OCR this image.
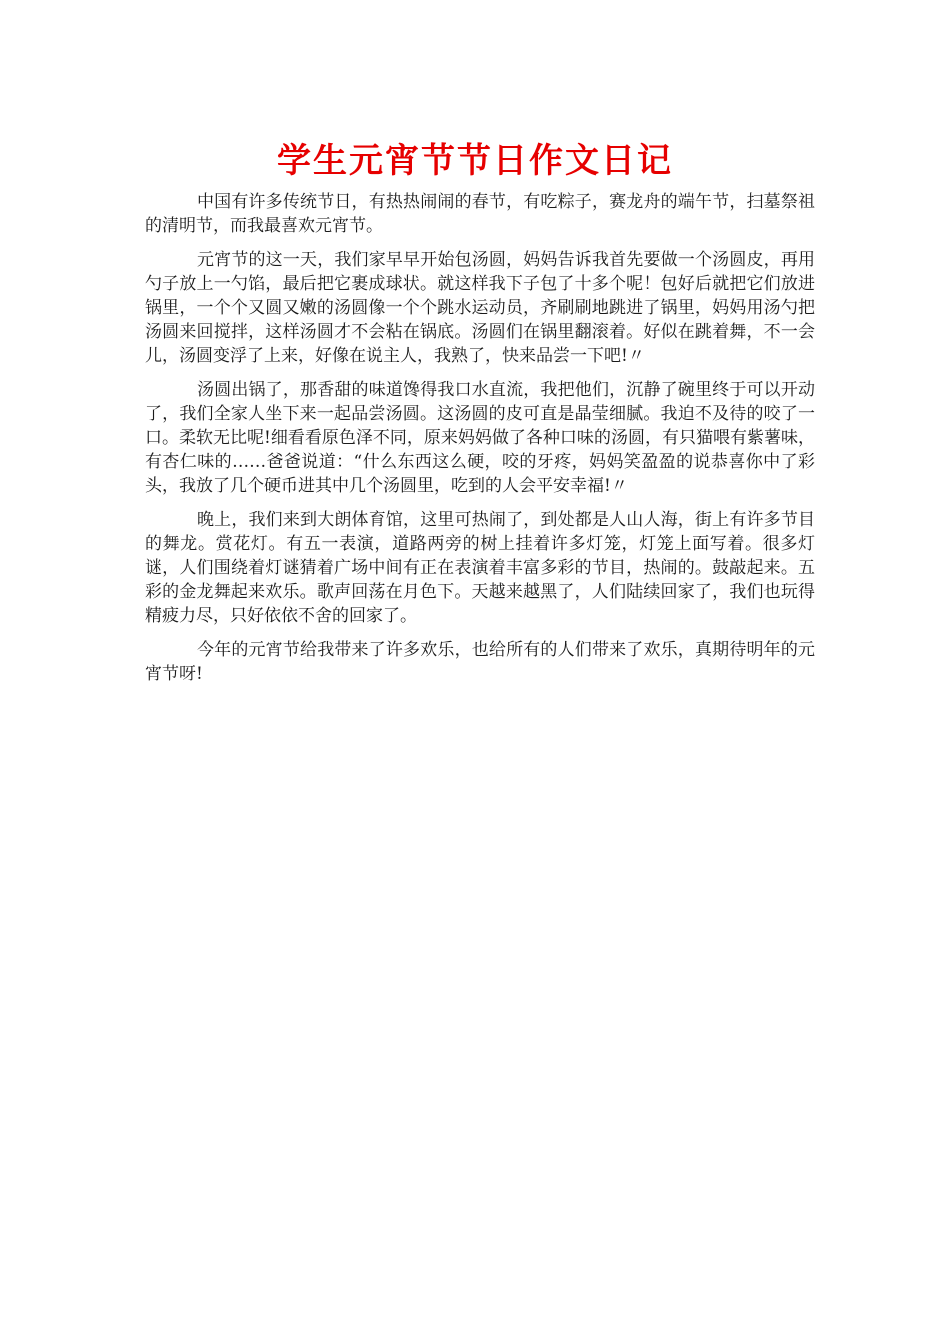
学生元宵节节日作文日记

中国有许多传统节日，有热热闹闹的春节，有吃粽子，赛龙舟的端午节，扫墓祭祖的清明节，而我最喜欢元宵节。

元宵节的这一天，我们家早早开始包汤圆，妈妈告诉我首先要做一个汤圆皮，再用勺子放上一勺馅，最后把它裹成球状。就这样我下子包了十多个呢！包好后就把它们放进锅里，一个个又圆又嫩的汤圆像一个个跳水运动员，齐刷刷地跳进了锅里，妈妈用汤勺把汤圆来回搅拌，这样汤圆才不会粘在锅底。汤圆们在锅里翻滚着。好似在跳着舞，不一会儿，汤圆变浮了上来，好像在说主人，我熟了，快来品尝一下吧!〃

汤圆出锅了，那香甜的味道馋得我口水直流，我把他们，沉静了碗里终于可以开动了，我们全家人坐下来一起品尝汤圆。这汤圆的皮可直是晶莹细腻。我迫不及待的咬了一口。柔软无比呢!细看看原色泽不同，原来妈妈做了各种口味的汤圆，有只猫喂有紫薯味，有杏仁味的……爸爸说道：“什么东西这么硬，咬的牙疼，妈妈笑盈盈的说恭喜你中了彩头，我放了几个硬币进其中几个汤圆里，吃到的人会平安幸福!〃

晚上，我们来到大朗体育馆，这里可热闹了，到处都是人山人海，街上有许多节目的舞龙。赏花灯。有五一表演，道路两旁的树上挂着许多灯笼，灯笼上面写着。很多灯谜，人们围绕着灯谜猜着广场中间有正在表演着丰富多彩的节目，热闹的。鼓敲起来。五彩的金龙舞起来欢乐。歌声回荡在月色下。天越来越黑了，人们陆续回家了，我们也玩得精疲力尽，只好依依不舍的回家了。

今年的元宵节给我带来了许多欢乐，也给所有的人们带来了欢乐，真期待明年的元宵节呀!
